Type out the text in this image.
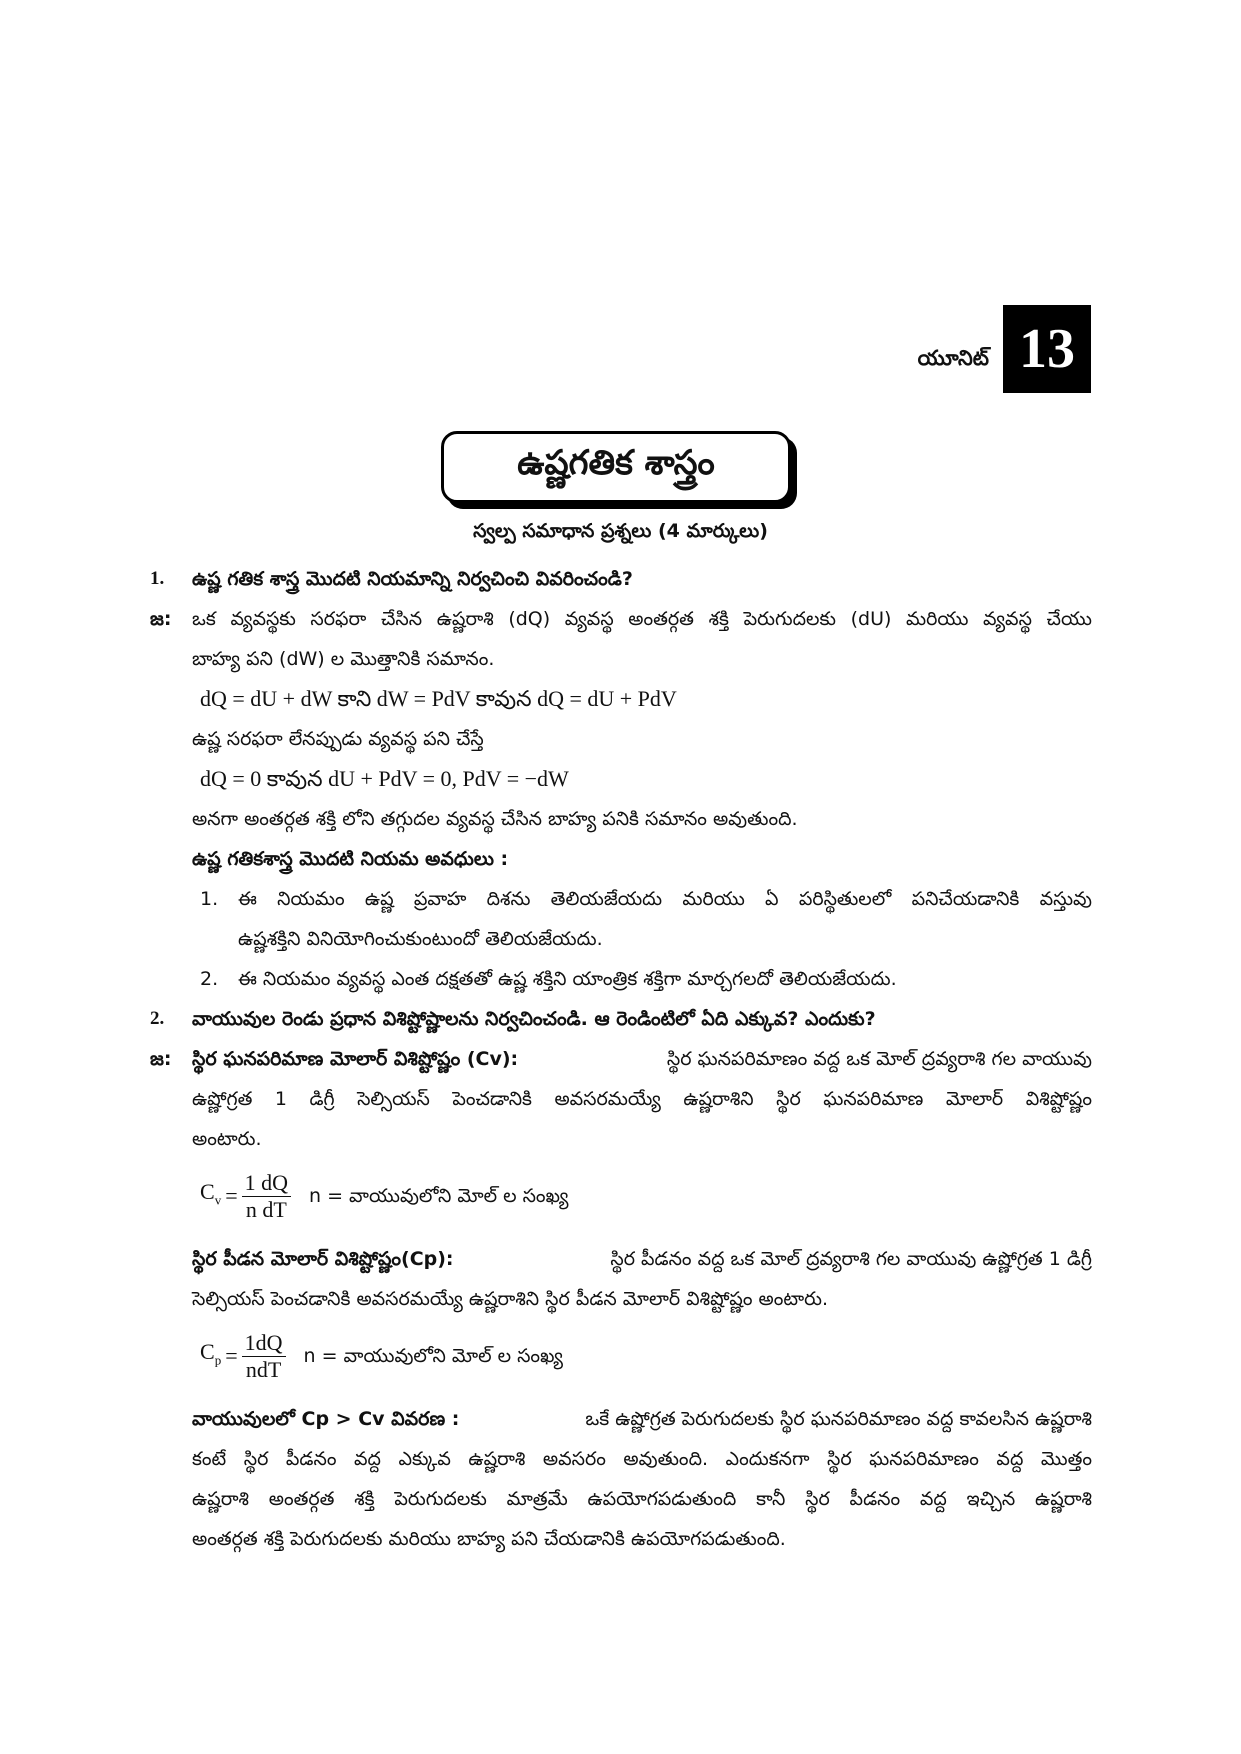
యూనిట్ 13
ఉష్ణగతిక శాస్త్రం
స్వల్ప సమాధాన ప్రశ్నలు (4 మార్కులు)
1. ఉష్ణ గతిక శాస్త్ర మొదటి నియమాన్ని నిర్వచించి వివరించండి?
జ: ఒక వ్యవస్థకు సరఫరా చేసిన ఉష్ణరాశి (dQ) వ్యవస్థ అంతర్గత శక్తి పెరుగుదలకు (dU) మరియు వ్యవస్థ చేయు
బాహ్య పని (dW) ల మొత్తానికి సమానం.
dQ = dU + dW కాని dW = PdV కావున dQ = dU + PdV
ఉష్ణ సరఫరా లేనప్పుడు వ్యవస్థ పని చేస్తే
dQ = 0 కావున dU + PdV = 0, PdV = −dW
అనగా అంతర్గత శక్తి లోని తగ్గుదల వ్యవస్థ చేసిన బాహ్య పనికి సమానం అవుతుంది.
ఉష్ణ గతికశాస్త్ర మొదటి నియమ అవధులు :
1. ఈ నియమం ఉష్ణ ప్రవాహ దిశను తెలియజేయదు మరియు ఏ పరిస్థితులలో పనిచేయడానికి వస్తువు
ఉష్ణశక్తిని వినియోగించుకుంటుందో తెలియజేయదు.
2. ఈ నియమం వ్యవస్థ ఎంత దక్షతతో ఉష్ణ శక్తిని యాంత్రిక శక్తిగా మార్చగలదో తెలియజేయదు.
2. వాయువుల రెండు ప్రధాన విశిష్టోష్ణాలను నిర్వచించండి. ఆ రెండింటిలో ఏది ఎక్కువ? ఎందుకు?
జ: స్థిర ఘనపరిమాణ మోలార్ విశిష్టోష్ణం (Cv):	స్థిర ఘనపరిమాణం వద్ద ఒక మోల్ ద్రవ్యరాశి గల వాయువు
ఉష్ణోగ్రత 1 డిగ్రీ సెల్సియస్ పెంచడానికి అవసరమయ్యే ఉష్ణరాశిని స్థిర ఘనపరిమాణ మోలార్ విశిష్టోష్ణం
అంటారు.
$C_v = \frac{1 dQ}{\text{n dT}}$ n = వాయువులోని మోల్ ల సంఖ్య
స్థిర పీడన మోలార్ విశిష్టోష్ణం(Cp):	స్థిర పీడనం వద్ద ఒక మోల్ ద్రవ్యరాశి గల వాయువు ఉష్ణోగ్రత 1 డిగ్రీ
సెల్సియస్ పెంచడానికి అవసరమయ్యే ఉష్ణరాశిని స్థిర పీడన మోలార్ విశిష్టోష్ణం అంటారు.
$C_p = \frac{1dQ}{\text{ndT}}$ n = వాయువులోని మోల్ ల సంఖ్య
వాయువులలో Cp > Cv వివరణ :	ఒకే ఉష్ణోగ్రత పెరుగుదలకు స్థిర ఘనపరిమాణం వద్ద కావలసిన ఉష్ణరాశి
కంటే స్థిర పీడనం వద్ద ఎక్కువ ఉష్ణరాశి అవసరం అవుతుంది. ఎందుకనగా స్థిర ఘనపరిమాణం వద్ద మొత్తం
ఉష్ణరాశి అంతర్గత శక్తి పెరుగుదలకు మాత్రమే ఉపయోగపడుతుంది కానీ స్థిర పీడనం వద్ద ఇచ్చిన ఉష్ణరాశి
అంతర్గత శక్తి పెరుగుదలకు మరియు బాహ్య పని చేయడానికి ఉపయోగపడుతుంది.
